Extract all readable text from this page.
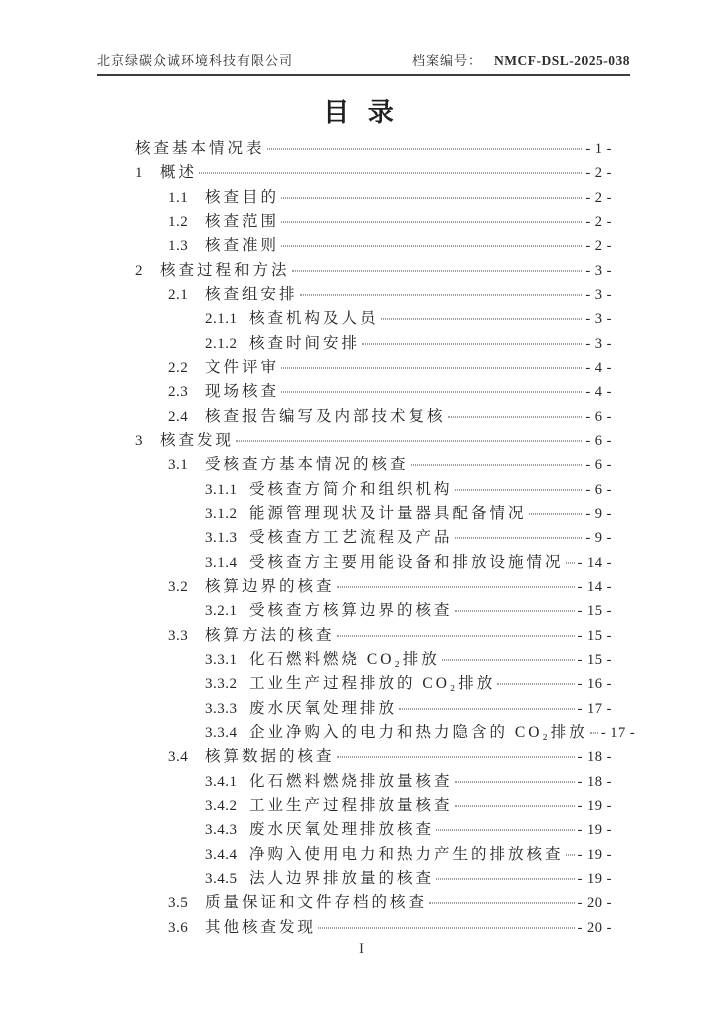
北京绿碳众诚环境科技有限公司	档案编号： NMCF-DSL-2025-038
目 录
核查基本情况表	- 1 -
1	概述	- 2 -
1.1	核查目的	- 2 -
1.2	核查范围	- 2 -
1.3	核查准则	- 2 -
2	核查过程和方法	- 3 -
2.1	核查组安排	- 3 -
2.1.1 核查机构及人员	- 3 -
2.1.2 核查时间安排	- 3 -
2.2	文件评审	- 4 -
2.3	现场核查	- 4 -
2.4	核查报告编写及内部技术复核	- 6 -
3	核查发现	- 6 -
3.1	受核查方基本情况的核查	- 6 -
3.1.1 受核查方简介和组织机构	- 6 -
3.1.2 能源管理现状及计量器具配备情况	- 9 -
3.1.3 受核查方工艺流程及产品	- 9 -
3.1.4 受核查方主要用能设备和排放设施情况 - 14 -
3.2	核算边界的核查	- 14 -
3.2.1 受核查方核算边界的核查	- 15 -
3.3	核算方法的核查	- 15 -
3.3.1 化石燃料燃烧 CO₂排放	- 15 -
3.3.2 工业生产过程排放的 CO₂排放	- 16 -
3.3.3 废水厌氧处理排放	- 17 -
3.3.4 企业净购入的电力和热力隐含的 CO₂排放 - 17 -
3.4	核算数据的核查	- 18 -
3.4.1 化石燃料燃烧排放量核查	- 18 -
3.4.2 工业生产过程排放量核查	- 19 -
3.4.3 废水厌氧处理排放核查	- 19 -
3.4.4 净购入使用电力和热力产生的排放核查 - 19 -
3.4.5 法人边界排放量的核查	- 19 -
3.5	质量保证和文件存档的核查	- 20 -
3.6	其他核查发现	- 20 -
I
